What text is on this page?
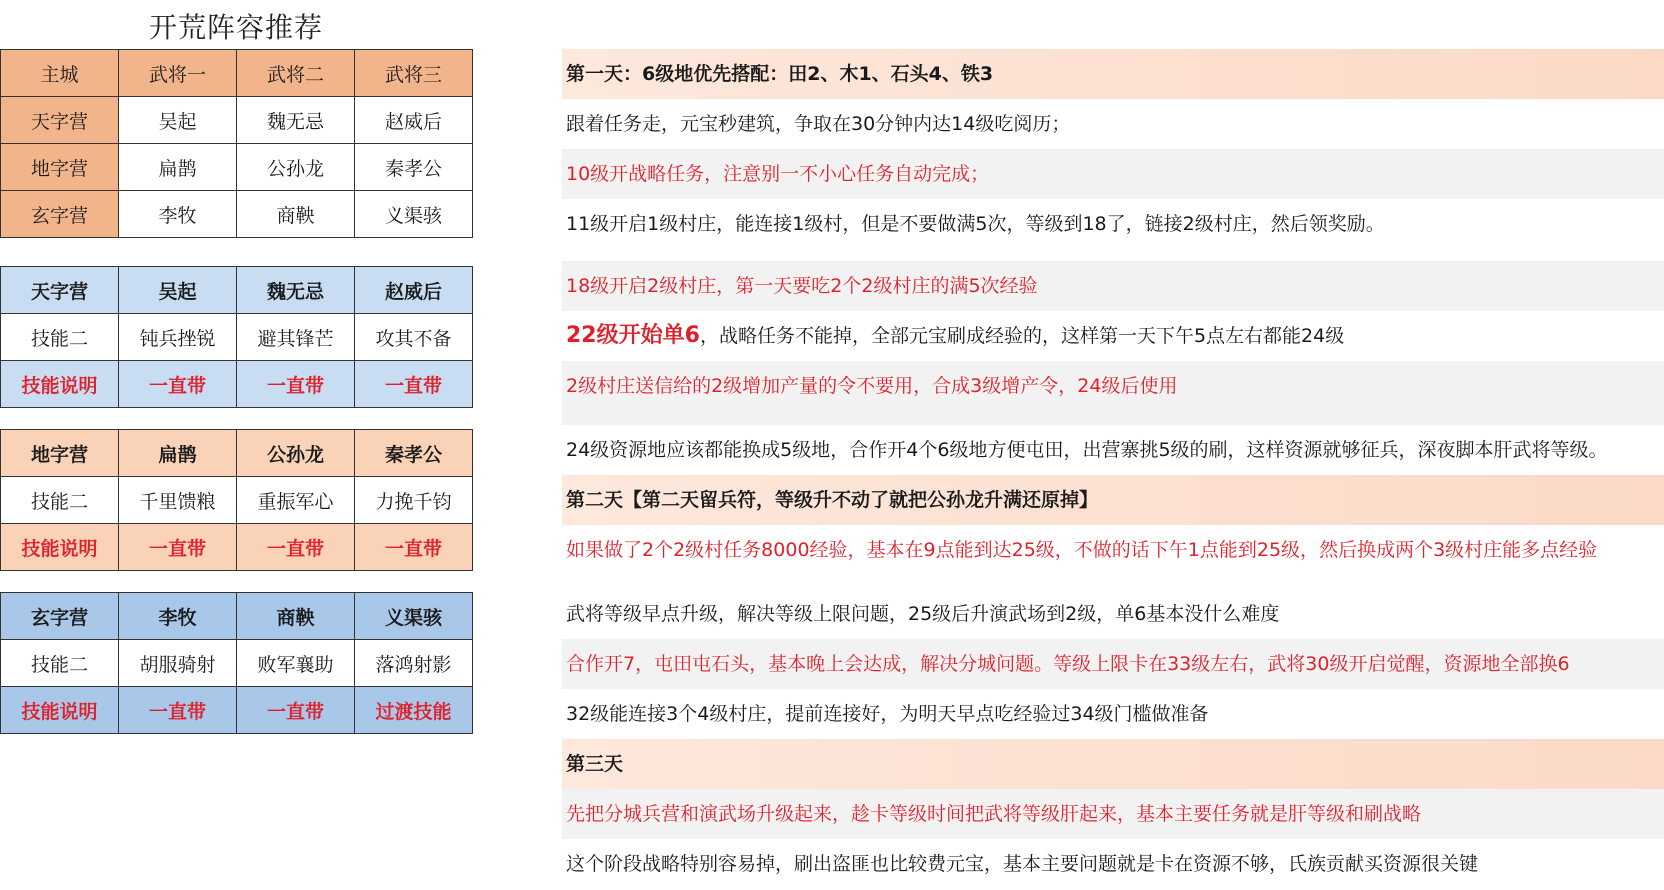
开荒阵容推荐
主城	武将一	武将二	武将三
天字营	吴起	魏无忌	赵威后
地字营	扁鹊	公孙龙	秦孝公
玄字营	李牧	商鞅	义渠骇
天字营	吴起	魏无忌	赵威后
技能二	钝兵挫锐	避其锋芒	攻其不备
技能说明	一直带	一直带	一直带
地字营	扁鹊	公孙龙	秦孝公
技能二	千里馈粮	重振军心	力挽千钧
技能说明	一直带	一直带	一直带
玄字营	李牧	商鞅	义渠骇
技能二	胡服骑射	败军襄助	落鸿射影
技能说明	一直带	一直带	过渡技能
第一天：6级地优先搭配：田2、木1、石头4、铁3
跟着任务走，元宝秒建筑，争取在30分钟内达14级吃阅历；
10级开战略任务，注意别一不小心任务自动完成；
11级开启1级村庄，能连接1级村，但是不要做满5次，等级到18了，链接2级村庄，然后领奖励。
18级开启2级村庄，第一天要吃2个2级村庄的满5次经验
22级开始单6，战略任务不能掉，全部元宝刷成经验的，这样第一天下午5点左右都能24级
2级村庄送信给的2级增加产量的令不要用，合成3级增产令，24级后使用
24级资源地应该都能换成5级地，合作开4个6级地方便屯田，出营寨挑5级的刷，这样资源就够征兵，深夜脚本肝武将等级。
第二天【第二天留兵符，等级升不动了就把公孙龙升满还原掉】
如果做了2个2级村任务8000经验，基本在9点能到达25级，不做的话下午1点能到25级，然后换成两个3级村庄能多点经验
武将等级早点升级，解决等级上限问题，25级后升演武场到2级，单6基本没什么难度
合作开7，屯田屯石头，基本晚上会达成，解决分城问题。等级上限卡在33级左右，武将30级开启觉醒，资源地全部换6
32级能连接3个4级村庄，提前连接好，为明天早点吃经验过34级门槛做准备
第三天
先把分城兵营和演武场升级起来，趁卡等级时间把武将等级肝起来，基本主要任务就是肝等级和刷战略
这个阶段战略特别容易掉，刷出盗匪也比较费元宝，基本主要问题就是卡在资源不够，氏族贡献买资源很关键
